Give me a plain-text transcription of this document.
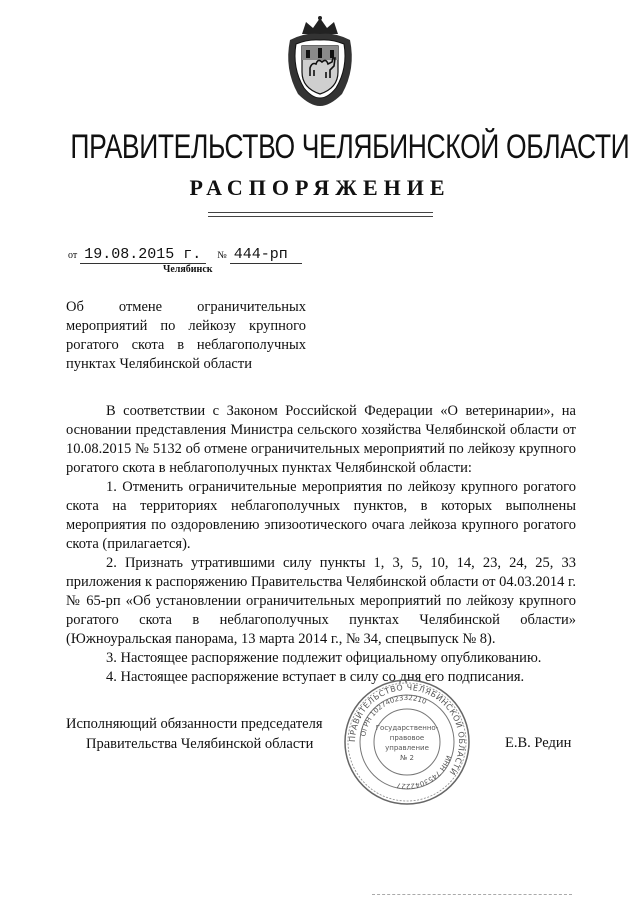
ПРАВИТЕЛЬСТВО ЧЕЛЯБИНСКОЙ ОБЛАСТИ
РАСПОРЯЖЕНИЕ
от 19.08.2015 г. № 444-рп
Челябинск
Об отмене ограничительных мероприятий по лейкозу крупного рогатого скота в неблагополучных пунктах Челябинской области

В соответствии с Законом Российской Федерации «О ветеринарии», на основании представления Министра сельского хозяйства Челябинской области от 10.08.2015 № 5132 об отмене ограничительных мероприятий по лейкозу крупного рогатого скота в неблагополучных пунктах Челябинской области:

1. Отменить ограничительные мероприятия по лейкозу крупного рогатого скота на территориях неблагополучных пунктов, в которых выполнены мероприятия по оздоровлению эпизоотического очага лейкоза крупного рогатого скота (прилагается).

2. Признать утратившими силу пункты 1, 3, 5, 10, 14, 23, 24, 25, 33 приложения к распоряжению Правительства Челябинской области от 04.03.2014 г. № 65-рп «Об установлении ограничительных мероприятий по лейкозу крупного рогатого скота в неблагополучных пунктах Челябинской области» (Южноуральская панорама, 13 марта 2014 г., № 34, спецвыпуск № 8).

3. Настоящее распоряжение подлежит официальному опубликованию.

4. Настоящее распоряжение вступает в силу со дня его подписания.

Исполняющий обязанности председателя
Правительства Челябинской области	ПРАВИТЕЛЬСТВО ЧЕЛЯБИНСКОЙ ОБЛАСТИ
ОГРН 1027402332210
ИНН 7453042227
Государственно-
правовое
управление
№ 2
Е.В. Редин
